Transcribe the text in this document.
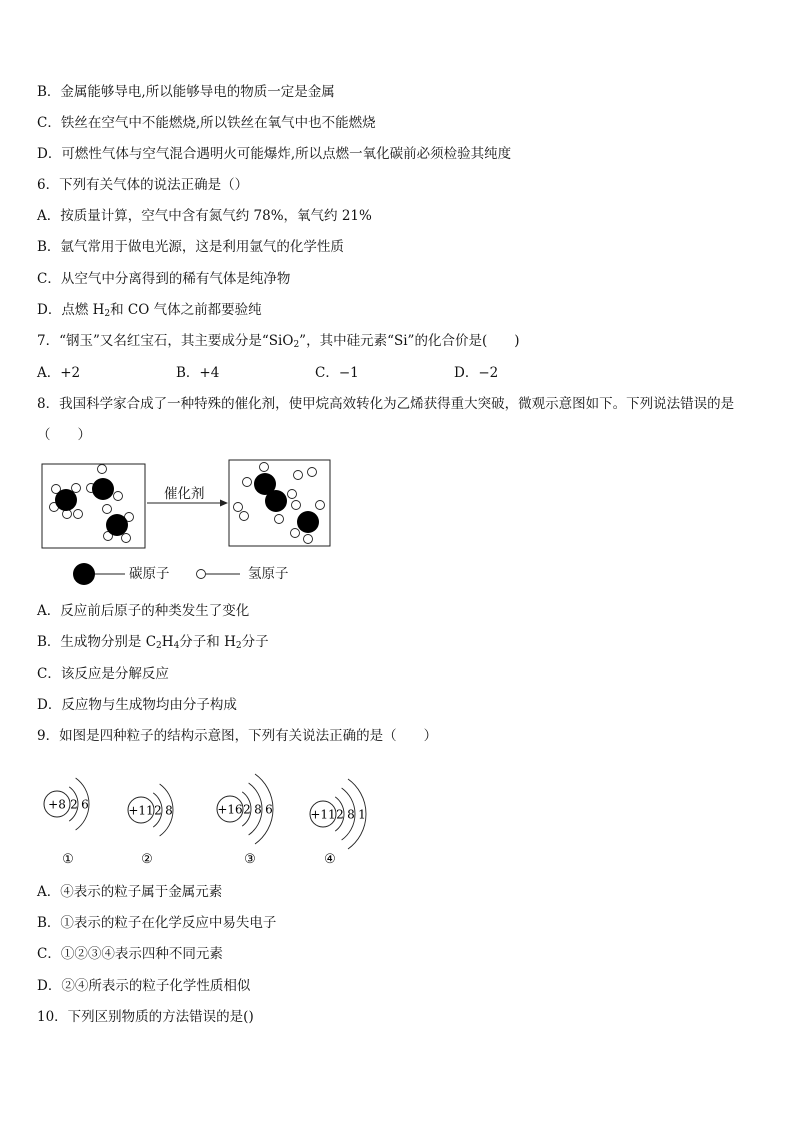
B．金属能够导电,所以能够导电的物质一定是金属
C．铁丝在空气中不能燃烧,所以铁丝在氧气中也不能燃烧
D．可燃性气体与空气混合遇明火可能爆炸,所以点燃一氧化碳前必须检验其纯度
6．下列有关气体的说法正确是（）
A．按质量计算，空气中含有氮气约 78%，氧气约 21%
B．氩气常用于做电光源，这是利用氩气的化学性质
C．从空气中分离得到的稀有气体是纯净物
D．点燃 $H_2$和 CO 气体之前都要验纯
7．“钢玉”又名红宝石，其主要成分是“SiO$_2$”，其中硅元素“Si”的化合价是(　　)
A．+2	B．+4	C．−1	D．−2
8．我国科学家合成了一种特殊的催化剂，使甲烷高效转化为乙烯获得重大突破，微观示意图如下。下列说法错误的是
（　　）
催化剂
碳原子	氢原子
A．反应前后原子的种类发生了变化
B．生成物分别是 $C_2H_4$分子和 $H_2$分子
C．该反应是分解反应
D．反应物与生成物均由分子构成
9．如图是四种粒子的结构示意图，下列有关说法正确的是（　　）
+8 2 6
①
+11 2 8
②
+16 2 8 6
③
+11 2 8 1
④
A．④表示的粒子属于金属元素
B．①表示的粒子在化学反应中易失电子
C．①②③④表示四种不同元素
D．②④所表示的粒子化学性质相似
10．下列区别物质的方法错误的是()
